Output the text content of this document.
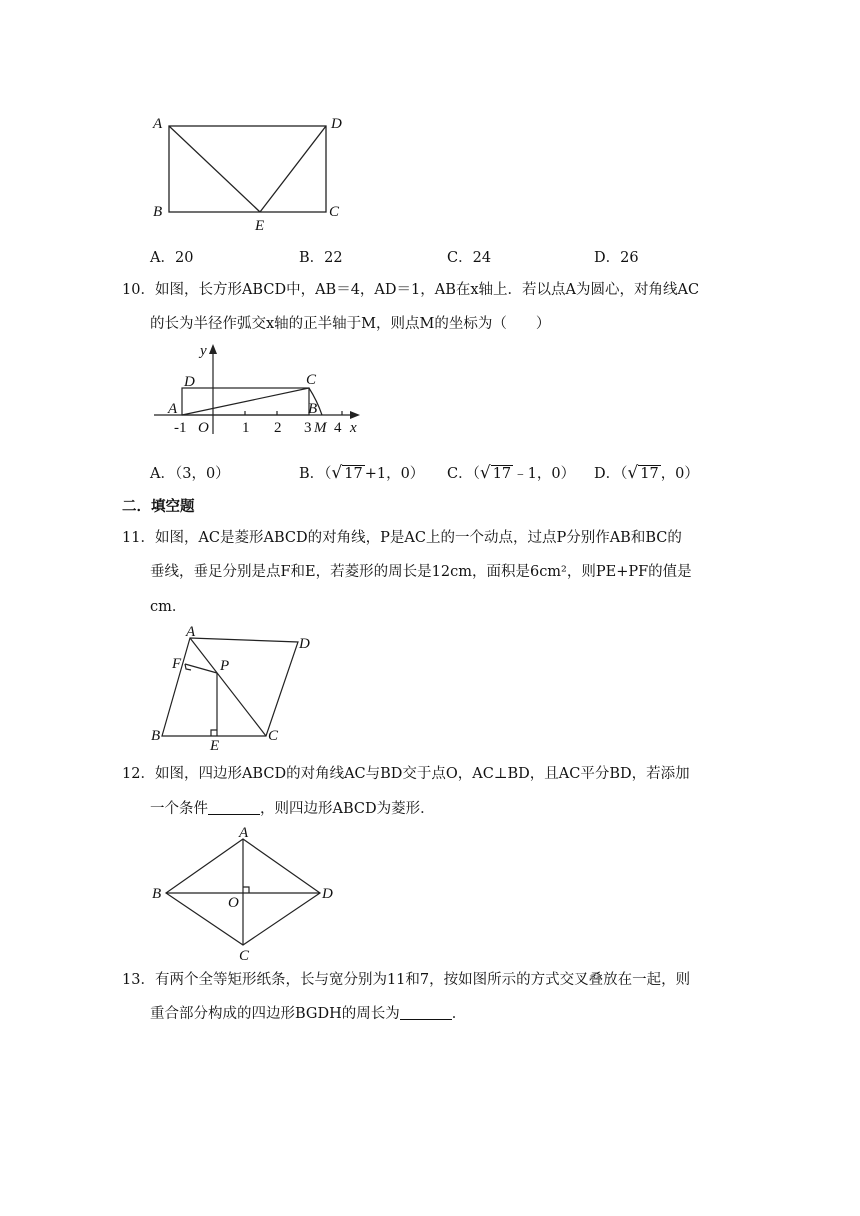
A	D
B
E
C
A．20	B．22	C．24	D．26
10．如图，长方形ABCD中，AB＝4，AD＝1，AB在x轴上．若以点A为圆心，对角线AC
的长为半径作弧交x轴的正半轴于M，则点M的坐标为（　　）
y
D	C
A	B
-1 O 1 2 3 M 4 x
A．（3，0）	B．（√ 17 +1，0） C．（√ 17 ﹣1，0） D．（√ 17 ，0）
二．填空题
11．如图，AC是菱形ABCD的对角线，P是AC上的一个动点，过点P分别作AB和BC的
垂线，垂足分别是点F和E，若菱形的周长是12cm，面积是6cm²，则PE+PF的值是
cm．
A
D
F	P
B
E
C
12．如图，四边形ABCD的对角线AC与BD交于点O，AC⊥BD，且AC平分BD，若添加
一个条件	，则四边形ABCD为菱形．
A
B
O
D
C
13．有两个全等矩形纸条，长与宽分别为11和7，按如图所示的方式交叉叠放在一起，则
重合部分构成的四边形BGDH的周长为	．
